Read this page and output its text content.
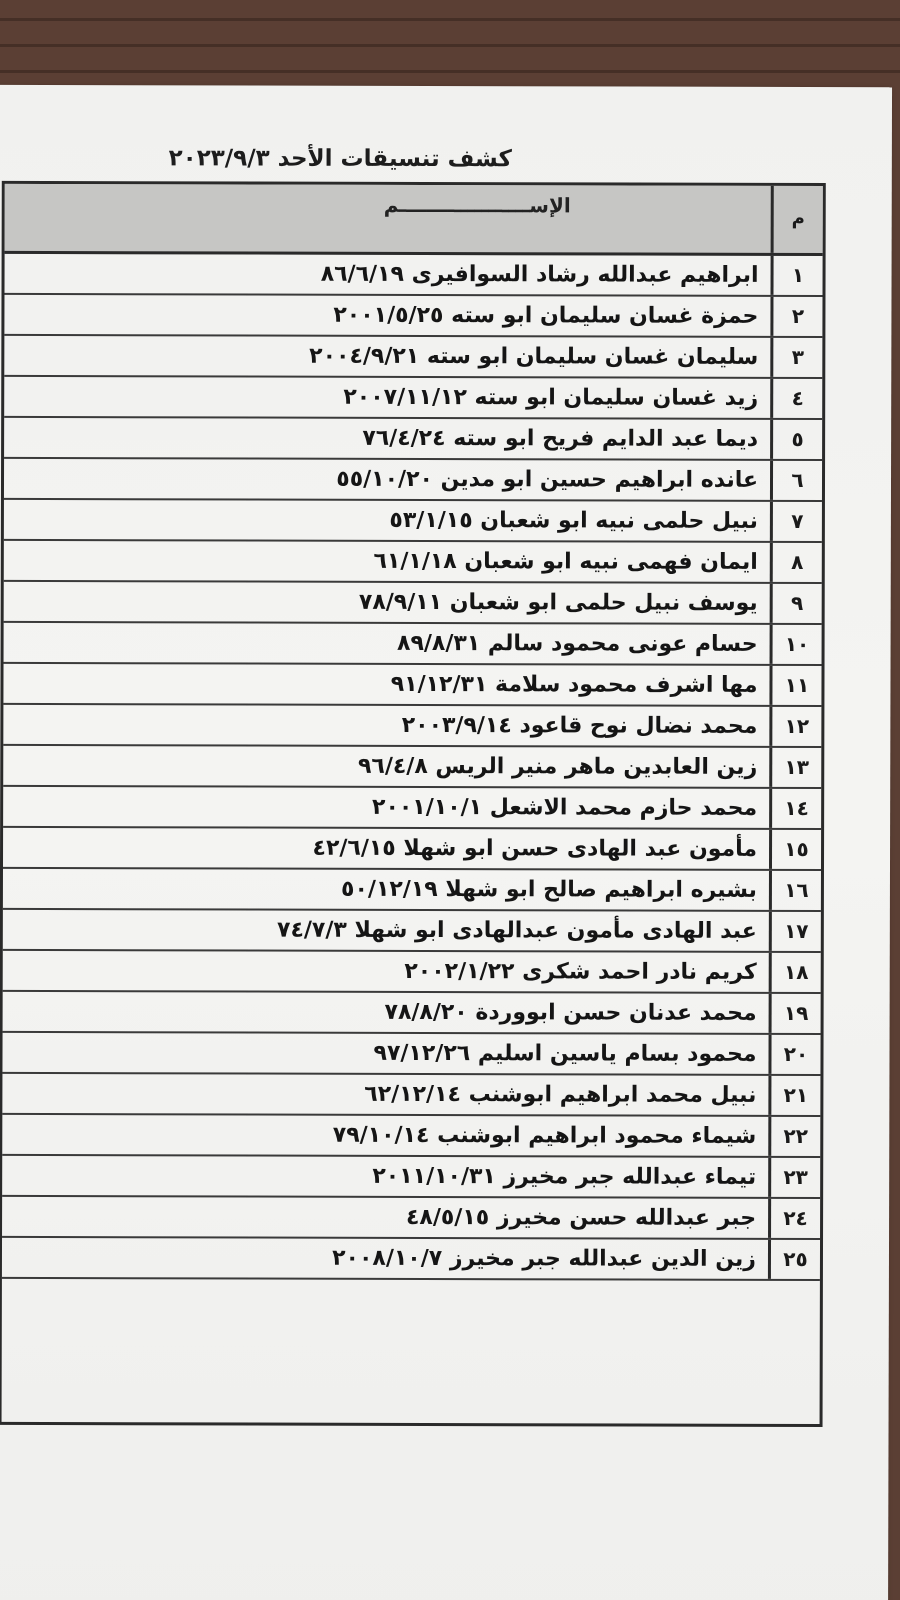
كشف تنسيقات الأحد ٢٠٢٣/٩/٣
م
الإســـــــــــــــــــم
١
ابراهيم عبدالله رشاد السوافيرى ٨٦/٦/١٩
٢
حمزة غسان سليمان ابو سته ٢٠٠١/٥/٢٥
٣
سليمان غسان سليمان ابو سته ٢٠٠٤/٩/٢١
٤
زيد غسان سليمان ابو سته ٢٠٠٧/١١/١٢
٥
ديما عبد الدايم فريح ابو سته ٧٦/٤/٢٤
٦
عانده ابراهيم حسين ابو مدين ٥٥/١٠/٢٠
٧
نبيل حلمى نبيه ابو شعبان ٥٣/١/١٥
٨
ايمان فهمى نبيه ابو شعبان ٦١/١/١٨
٩
يوسف نبيل حلمى ابو شعبان ٧٨/٩/١١
١٠
حسام عونى محمود سالم ٨٩/٨/٣١
١١
مها اشرف محمود سلامة ٩١/١٢/٣١
١٢
محمد نضال نوح قاعود ٢٠٠٣/٩/١٤
١٣
زين العابدين ماهر منير الريس ٩٦/٤/٨
١٤
محمد حازم محمد الاشعل ٢٠٠١/١٠/١
١٥
مأمون عبد الهادى حسن ابو شهلا ٤٢/٦/١٥
١٦
بشيره ابراهيم صالح ابو شهلا ٥٠/١٢/١٩
١٧
عبد الهادى مأمون عبدالهادى ابو شهلا ٧٤/٧/٣
١٨
كريم نادر احمد شكرى ٢٠٠٢/١/٢٢
١٩
محمد عدنان حسن ابووردة ٧٨/٨/٢٠
٢٠
محمود بسام ياسين اسليم ٩٧/١٢/٢٦
٢١
نبيل محمد ابراهيم ابوشنب ٦٢/١٢/١٤
٢٢
شيماء محمود ابراهيم ابوشنب ٧٩/١٠/١٤
٢٣
تيماء عبدالله جبر مخيرز ٢٠١١/١٠/٣١
٢٤
جبر عبدالله حسن مخيرز ٤٨/٥/١٥
٢٥
زين الدين عبدالله جبر مخيرز ٢٠٠٨/١٠/٧
